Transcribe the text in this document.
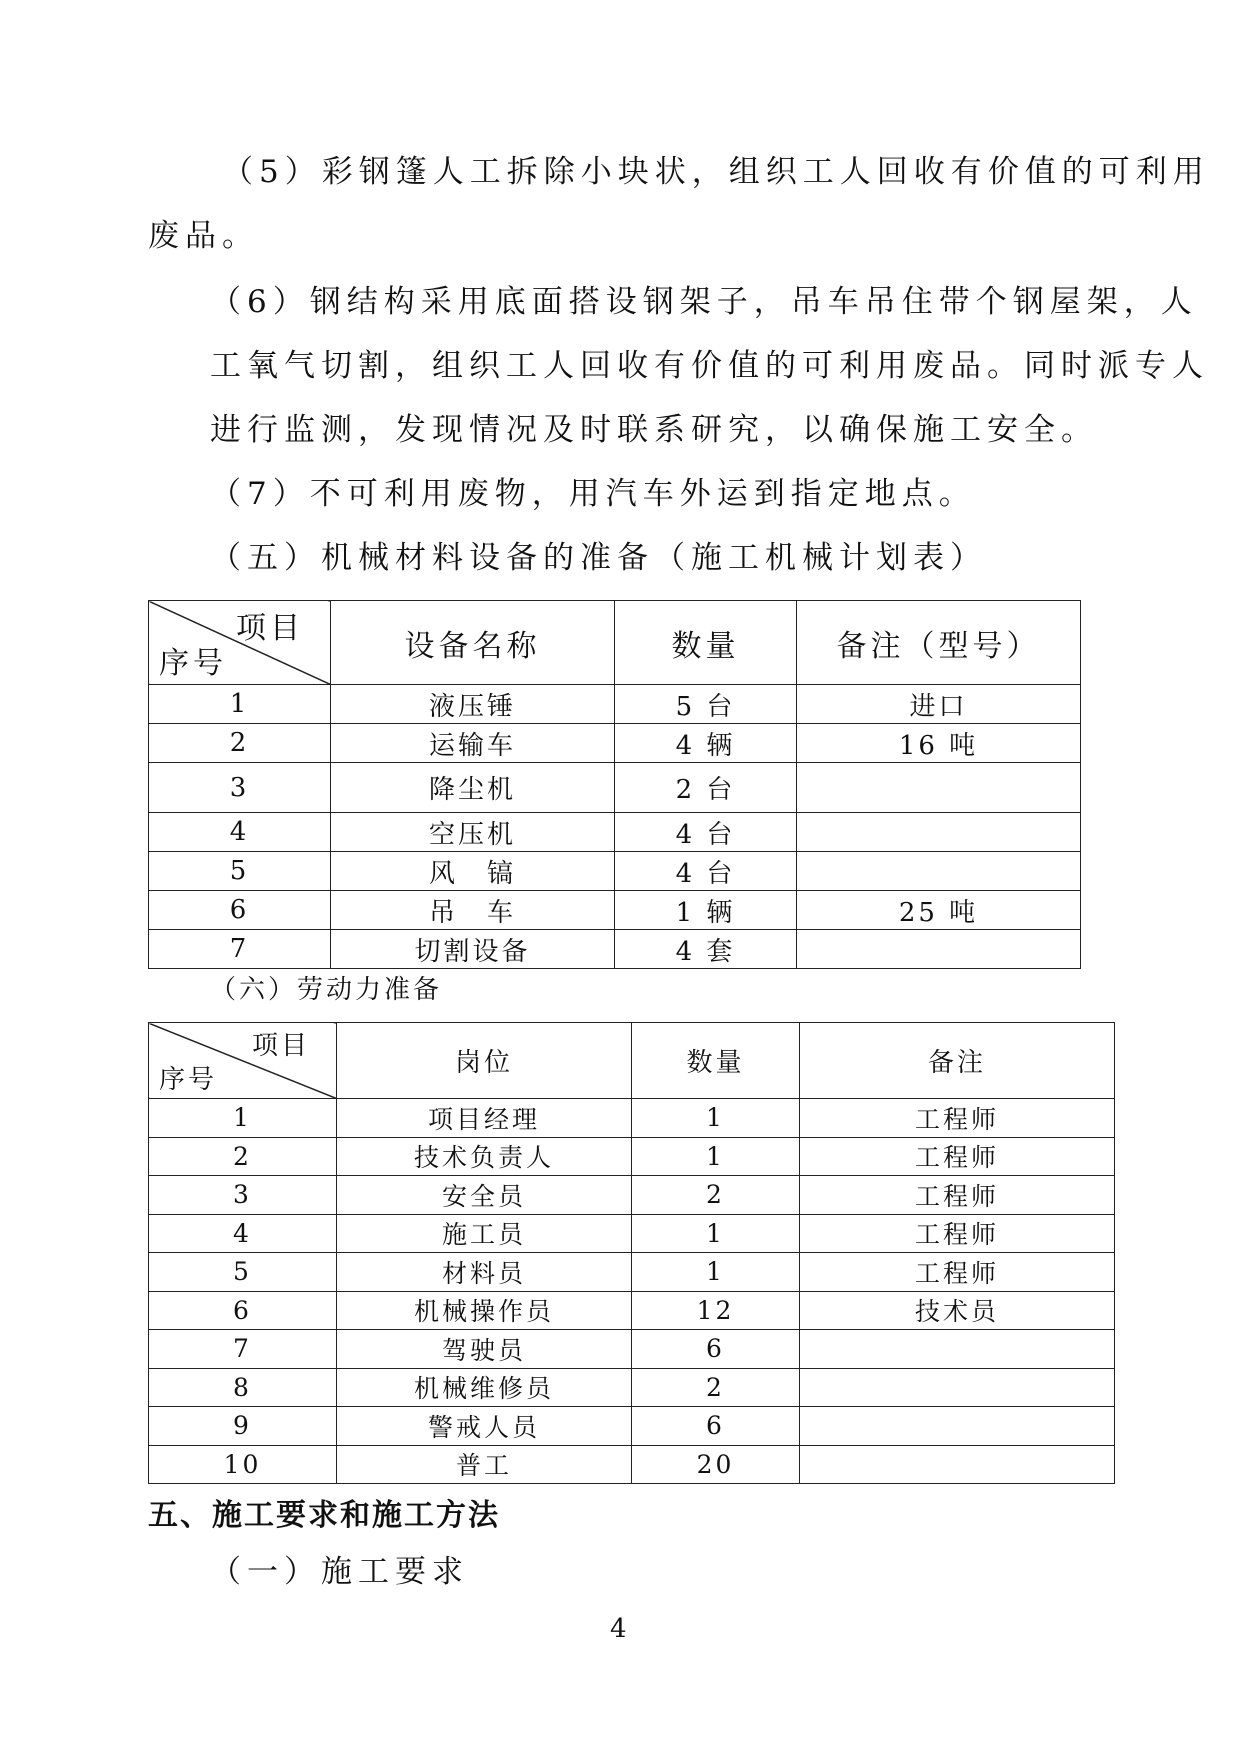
（5）彩钢篷人工拆除小块状，组织工人回收有价值的可利用
废品。
（6）钢结构采用底面搭设钢架子，吊车吊住带个钢屋架，人
工氧气切割，组织工人回收有价值的可利用废品。同时派专人
进行监测，发现情况及时联系研究，以确保施工安全。
（7）不可利用废物，用汽车外运到指定地点。
（五）机械材料设备的准备（施工机械计划表）
项目
序号	设备名称	数量	备注（型号）
1	液压锤	5 台	进口
2	运输车	4 辆	16 吨
3	降尘机	2 台	
4	空压机	4 台	
5	风　镐	4 台	
6	吊　车	1 辆	25 吨
7	切割设备	4 套	
（六）劳动力准备
项目
序号	岗位	数量	备注
1	项目经理	1	工程师
2	技术负责人	1	工程师
3	安全员	2	工程师
4	施工员	1	工程师
5	材料员	1	工程师
6	机械操作员	12	技术员
7	驾驶员	6	
8	机械维修员	2	
9	警戒人员	6	
10	普工	20	
五、施工要求和施工方法
（一）施工要求
4
